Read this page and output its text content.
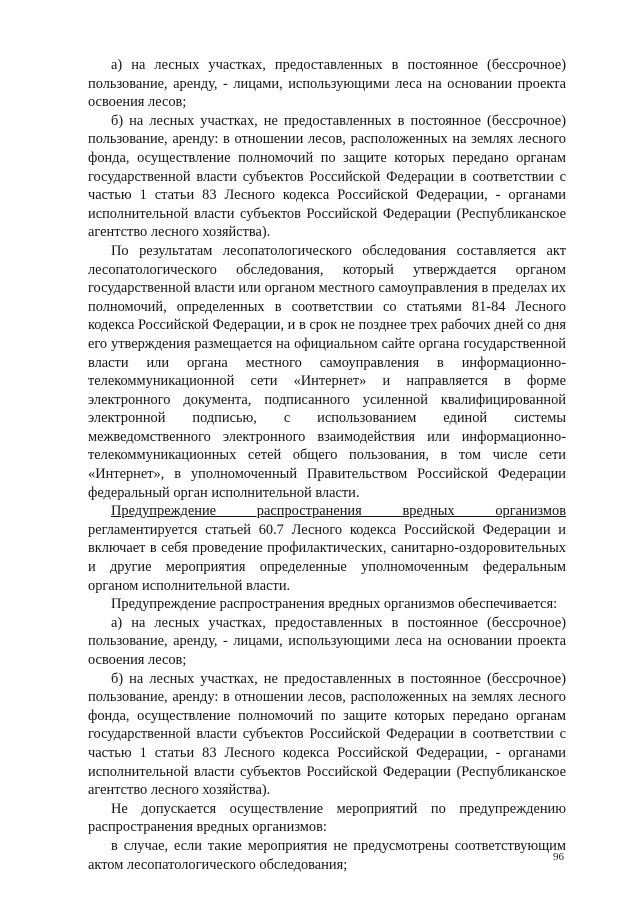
а) на лесных участках, предоставленных в постоянное (бессрочное) пользование, аренду, - лицами, использующими леса на основании проекта освоения лесов;

б) на лесных участках, не предоставленных в постоянное (бессрочное) пользование, аренду: в отношении лесов, расположенных на землях лесного фонда, осуществление полномочий по защите которых передано органам государственной власти субъектов Российской Федерации в соответствии с частью 1 статьи 83 Лесного кодекса Российской Федерации, - органами исполнительной власти субъектов Российской Федерации (Республиканское агентство лесного хозяйства).

По результатам лесопатологического обследования составляется акт лесопатологического обследования, который утверждается органом государственной власти или органом местного самоуправления в пределах их полномочий, определенных в соответствии со статьями 81-84 Лесного кодекса Российской Федерации, и в срок не позднее трех рабочих дней со дня его утверждения размещается на официальном сайте органа государственной власти или органа местного самоуправления в информационно-телекоммуникационной сети «Интернет» и направляется в форме электронного документа, подписанного усиленной квалифицированной электронной подписью, с использованием единой системы межведомственного электронного взаимодействия или информационно-телекоммуникационных сетей общего пользования, в том числе сети «Интернет», в уполномоченный Правительством Российской Федерации федеральный орган исполнительной власти.

Предупреждение распространения вредных организмов регламентируется статьей 60.7 Лесного кодекса Российской Федерации и включает в себя проведение профилактических, санитарно-оздоровительных и другие мероприятия определенные уполномоченным федеральным органом исполнительной власти.

Предупреждение распространения вредных организмов обеспечивается:

а) на лесных участках, предоставленных в постоянное (бессрочное) пользование, аренду, - лицами, использующими леса на основании проекта освоения лесов;

б) на лесных участках, не предоставленных в постоянное (бессрочное) пользование, аренду: в отношении лесов, расположенных на землях лесного фонда, осуществление полномочий по защите которых передано органам государственной власти субъектов Российской Федерации в соответствии с частью 1 статьи 83 Лесного кодекса Российской Федерации, - органами исполнительной власти субъектов Российской Федерации (Республиканское агентство лесного хозяйства).

Не допускается осуществление мероприятий по предупреждению распространения вредных организмов:

в случае, если такие мероприятия не предусмотрены соответствующим актом лесопатологического обследования;	96
